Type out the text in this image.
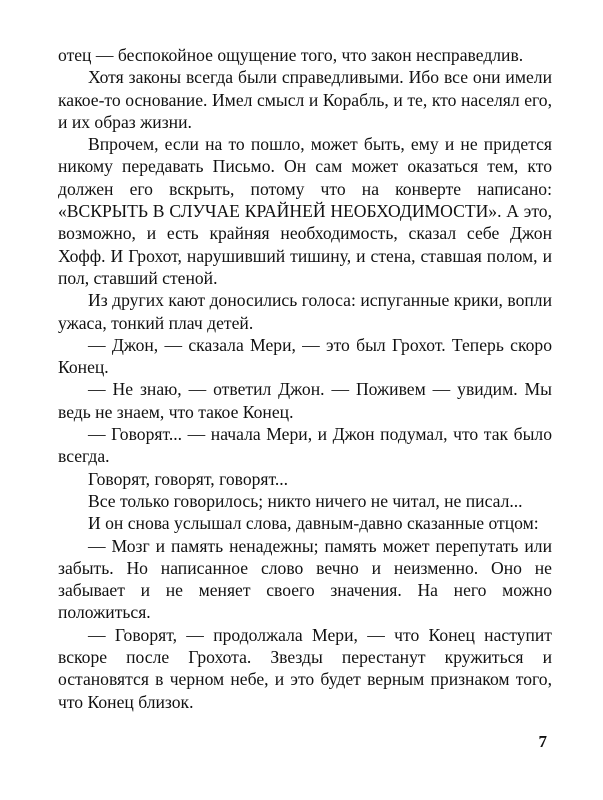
отец — беспокойное ощущение того, что закон несправедлив.

Хотя законы всегда были справедливыми. Ибо все они имели какое-то основание. Имел смысл и Корабль, и те, кто населял его, и их образ жизни.

Впрочем, если на то пошло, может быть, ему и не придется никому передавать Письмо. Он сам может оказаться тем, кто должен его вскрыть, потому что на конверте написано: «ВСКРЫТЬ В СЛУЧАЕ КРАЙНЕЙ НЕОБХОДИМОСТИ». А это, возможно, и есть крайняя необходимость, сказал себе Джон Хофф. И Грохот, нарушивший тишину, и стена, ставшая полом, и пол, ставший стеной.

Из других кают доносились голоса: испуганные крики, вопли ужаса, тонкий плач детей.

— Джон, — сказала Мери, — это был Грохот. Теперь скоро Конец.

— Не знаю, — ответил Джон. — Поживем — увидим. Мы ведь не знаем, что такое Конец.

— Говорят... — начала Мери, и Джон подумал, что так было всегда.

Говорят, говорят, говорят...

Все только говорилось; никто ничего не читал, не писал...

И он снова услышал слова, давным-давно сказанные отцом:

— Мозг и память ненадежны; память может перепутать или забыть. Но написанное слово вечно и неизменно. Оно не забывает и не меняет своего значения. На него можно положиться.

— Говорят, — продолжала Мери, — что Конец наступит вскоре после Грохота. Звезды перестанут кружиться и остановятся в черном небе, и это будет верным признаком того, что Конец близок.

7
